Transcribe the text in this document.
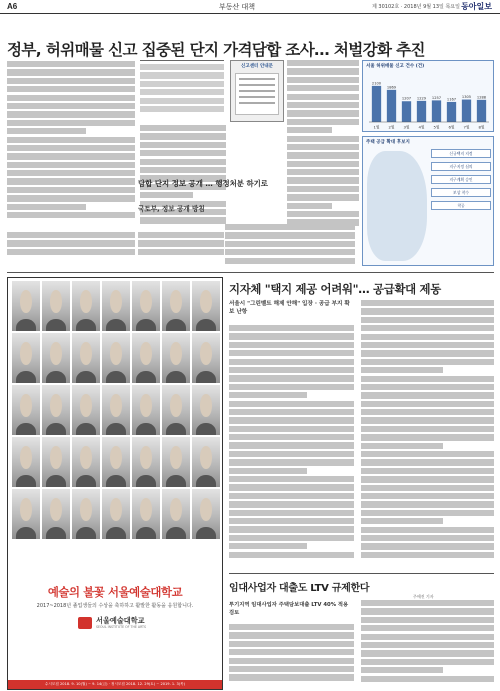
A6	부동산 대책	제 30102호 · 2018년 9월 13일 목요일 동아일보
정부, 허위매물 신고 집중된 단지 가격담합 조사… 처벌강화 추진
신고센터 안내문
담합 단지 정보 공개 … 행정처분 하기로
국토부, 정보 공개 방침
서울 허위매물 신고 건수 (건)
2100
1월
1869
2월
1207
3월
1229
4월
1257
5월
1167
6월
1305
7월
1288
8월
주택 공급 확대 후보지
신규택지 지정
지구지정 심의
지구계획 승인
보상 착수
착공
예술의 불꽃 서울예술대학교
2017~2018년 졸업생들의 수상을 축하하고 활발한 활동을 응원합니다.
서울예술대학교
SEOUL INSTITUTE OF THE ARTS
수시모집 2018. 9. 10(월) ~ 9. 14(금) · 정시모집 2018. 12. 29(토) ~ 2019. 1. 3(목)
지자체 "택지 제공 어려워"… 공급확대 제동
서울시 "그린벨트 해제 안해" 입장 · 공급 부지 확보 난항
임대사업자 대출도 LTV 규제한다
주애진 기자
투기지역 임대사업자 주택담보대출 LTV 40% 적용 검토
